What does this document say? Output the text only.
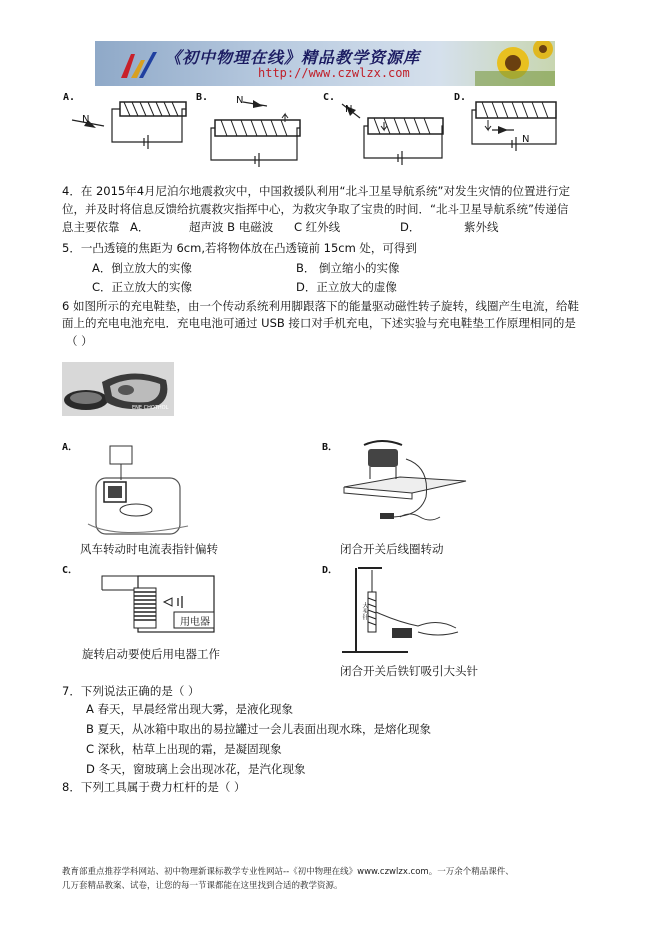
《初中物理在线》精品教学资源库
http://www.czwlzx.com
A.	B.	C.	D.
N
N
N
N
4．在 2015年4月尼泊尔地震救灾中，中国救援队利用“北斗卫星导航系统”对发生灾情的位置进行定
位，并及时将信息反馈给抗震救灾指挥中心，为救灾争取了宝贵的时间．“北斗卫星导航系统”传递信
息主要依靠 A．	超声波 B 电磁波 C 红外线	D．	紫外线
5．一凸透镜的焦距为 6cm,若将物体放在凸透镜前 15cm 处，可得到
A．倒立放大的实像	B． 倒立缩小的实像
C．正立放大的实像	D．正立放大的虚像
6 如图所示的充电鞋垫，由一个传动系统利用脚跟落下的能量驱动磁性转子旋转，线圈产生电流，给鞋
面上的充电电池充电．充电电池可通过 USB 接口对手机充电，下述实验与充电鞋垫工作原理相同的是
（ ）
ENE CHOTHOL
A．	B．
C．	D．
风车转动时电流表指针偏转	闭合开关后线圈转动
用电器
旋转启动要使后用电器工作
大头针
闭合开关后铁钉吸引大头针
7．下列说法正确的是（ ）
A 春天，早晨经常出现大雾，是液化现象
B 夏天，从冰箱中取出的易拉罐过一会儿表面出现水珠，是熔化现象
C 深秋，枯草上出现的霜，是凝固现象
D 冬天，窗玻璃上会出现冰花，是汽化现象
8．下列工具属于费力杠杆的是（ ）
教育部重点推荐学科网站、初中物理新课标教学专业性网站--《初中物理在线》www.czwlzx.com。一万余个精品课件、
几万套精品教案、试卷，让您的每一节课都能在这里找到合适的教学资源。
